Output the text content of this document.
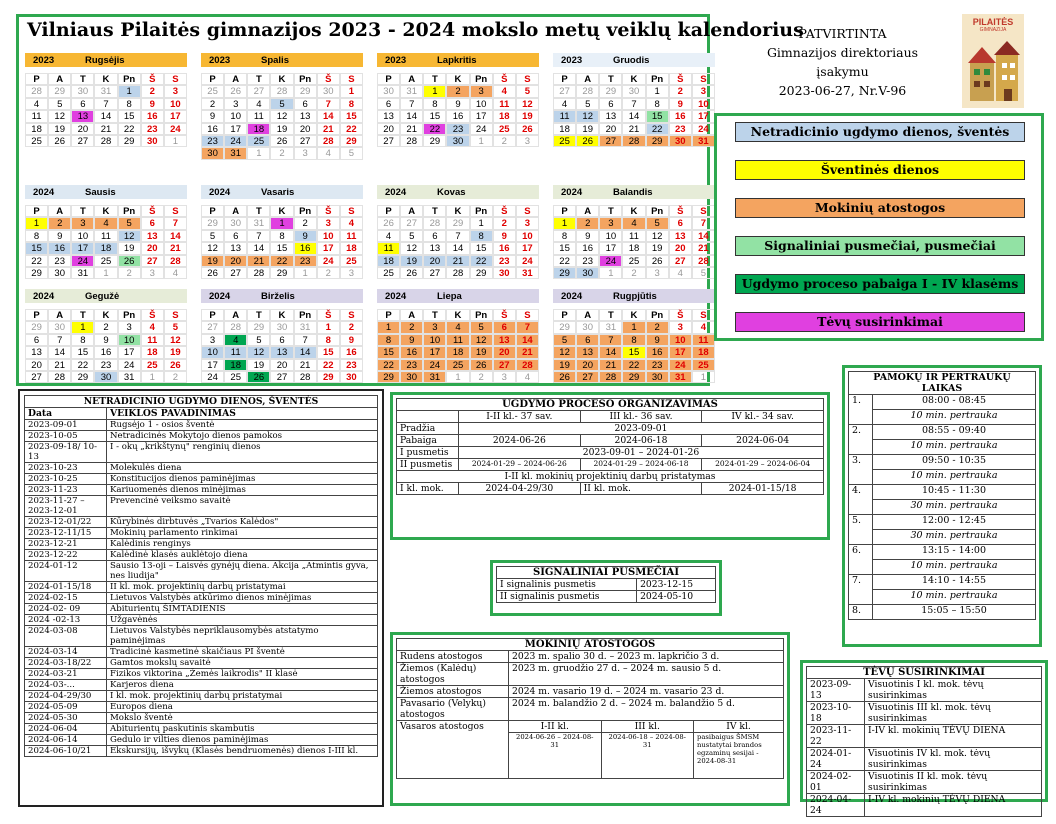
Vilniaus Pilaitės gimnazijos 2023 - 2024 mokslo metų veiklų kalendorius
2023	Rugsėjis
P	A	T	K	Pn	Š	S
28	29	30	31	1	2	3
4	5	6	7	8	9	10
11	12	13	14	15	16	17
18	19	20	21	22	23	24
25	26	27	28	29	30	1
2023	Spalis
P	A	T	K	Pn	Š	S
25	26	27	28	29	30	1
2	3	4	5	6	7	8
9	10	11	12	13	14	15
16	17	18	19	20	21	22
23	24	25	26	27	28	29
30	31	1	2	3	4	5
2023	Lapkritis
P	A	T	K	Pn	Š	S
30	31	1	2	3	4	5
6	7	8	9	10	11	12
13	14	15	16	17	18	19
20	21	22	23	24	25	26
27	28	29	30	1	2	3
2023	Gruodis
P	A	T	K	Pn	Š	S
27	28	29	30	1	2	3
4	5	6	7	8	9	10
11	12	13	14	15	16	17
18	19	20	21	22	23	24
25	26	27	28	29	30	31
2024	Sausis
P	A	T	K	Pn	Š	S
1	2	3	4	5	6	7
8	9	10	11	12	13	14
15	16	17	18	19	20	21
22	23	24	25	26	27	28
29	30	31	1	2	3	4
2024	Vasaris
P	A	T	K	Pn	Š	S
29	30	31	1	2	3	4
5	6	7	8	9	10	11
12	13	14	15	16	17	18
19	20	21	22	23	24	25
26	27	28	29	1	2	3
2024	Kovas
P	A	T	K	Pn	Š	S
26	27	28	29	1	2	3
4	5	6	7	8	9	10
11	12	13	14	15	16	17
18	19	20	21	22	23	24
25	26	27	28	29	30	31
2024	Balandis
P	A	T	K	Pn	Š	S
1	2	3	4	5	6	7
8	9	10	11	12	13	14
15	16	17	18	19	20	21
22	23	24	25	26	27	28
29	30	1	2	3	4	5
2024	Gegužė
P	A	T	K	Pn	Š	S
29	30	1	2	3	4	5
6	7	8	9	10	11	12
13	14	15	16	17	18	19
20	21	22	23	24	25	26
27	28	29	30	31	1	2
2024	Birželis
P	A	T	K	Pn	Š	S
27	28	29	30	31	1	2
3	4	5	6	7	8	9
10	11	12	13	14	15	16
17	18	19	20	21	22	23
24	25	26	27	28	29	30
2024	Liepa
P	A	T	K	Pn	Š	S
1	2	3	4	5	6	7
8	9	10	11	12	13	14
15	16	17	18	19	20	21
22	23	24	25	26	27	28
29	30	31	1	2	3	4
2024	Rugpjūtis
P	A	T	K	Pn	Š	S
29	30	31	1	2	3	4
5	6	7	8	9	10	11
12	13	14	15	16	17	18
19	20	21	22	23	24	25
26	27	28	29	30	31	1
PATVIRTINTA
Gimnazijos direktoriaus įsakymu
2023-06-27, Nr.V-96
PILAITĖS
GIMNAZIJA
Netradicinio ugdymo dienos, šventės
Šventinės dienos
Mokinių atostogos
Signaliniai pusmečiai, pusmečiai
Ugdymo proceso pabaiga I - IV klasėms
Tėvų susirinkimai
NETRADICINIO UGDYMO DIENOS, ŠVENTĖS	
Data	VEIKLOS PAVADINIMAS
2023-09-01	Rugsėjo 1 - osios šventė
2023-10-05	Netradicinės Mokytojo dienos pamokos
2023-09-18/ 10-13	I - okų „krikštynų" renginių dienos
2023-10-23	Molekulės diena
2023-10-25	Konstitucijos dienos paminėjimas
2023-11-23	Kariuomenės dienos minėjimas
2023-11-27 – 2023-12-01	Prevencinė veiksmo savaitė
2023-12-01/22	Kūrybinės dirbtuvės „Tvarios Kalėdos"
2023-12-11/15	Mokinių parlamento rinkimai
2023-12-21	Kalėdinis renginys
2023-12-22	Kalėdinė klasės auklėtojo diena
2024-01-12	Sausio 13-oji – Laisvės gynėjų diena. Akcija „Atmintis gyva, nes liudija"
2024-01-15/18	II kl. mok. projektinių darbų pristatymai
2024-02-15	Lietuvos Valstybės atkūrimo dienos minėjimas
2024-02- 09	Abiturientų ŠIMTADIENIS
2024 -02-13	Užgavėnės
2024-03-08	Lietuvos Valstybės nepriklausomybės atstatymo paminėjimas
2024-03-14	Tradicinė kasmetinė skaičiaus PI šventė
2024-03-18/22	Gamtos mokslų savaitė
2024-03-21	Fizikos viktorina „Žemės laikrodis" II klasė
2024-03-...	Karjeros diena
2024-04-29/30	I kl. mok. projektinių darbų pristatymai
2024-05-09	Europos diena
2024-05-30	Mokslo šventė
2024-06-04	Abiturientų paskutinis skambutis
2024-06-14	Gedulo ir vilties dienos paminėjimas
2024-06-10/21	Ekskursijų, išvykų (Klasės bendruomenės) dienos I-III kl.
UGDYMO PROCESO ORGANIZAVIMAS			
	I-II kl.- 37 sav.	III kl.- 36 sav.	IV kl.- 34 sav.
Pradžia	2023-09-01		
Pabaiga	2024-06-26	2024-06-18	2024-06-04
I pusmetis	2023-09-01 – 2024-01-26		
II pusmetis	2024-01-29 – 2024-06-26	2024-01-29 – 2024-06-18	2024-01-29 – 2024-06-04
I-II kl. mokinių projektinių darbų pristatymas			
I kl. mok.	2024-04-29/30	II kl. mok.	2024-01-15/18
SIGNALINIAI PUSMEČIAI	
I signalinis pusmetis	2023-12-15
II signalinis pusmetis	2024-05-10
MOKINIŲ ATOSTOGOS			
Rudens atostogos	2023 m. spalio 30 d. – 2023 m. lapkričio 3 d.		
Žiemos (Kalėdų) atostogos	2023 m. gruodžio 27 d. – 2024 m. sausio 5 d.		
Žiemos atostogos	2024 m. vasario 19 d. – 2024 m. vasario 23 d.		
Pavasario (Velykų) atostogos	2024 m. balandžio 2 d. – 2024 m. balandžio 5 d.		
Vasaros atostogos	I-II kl.	III kl.	IV kl.
	2024-06-26 – 2024-08-31	2024-06-18 – 2024-08-31	pasibaigus ŠMSM nustatytai brandos egzaminų sesijai - 2024-08-31
PAMOKŲ IR PERTRAUKŲ LAIKAS	
1.	08:00 - 08:45
	10 min. pertrauka
2.	08:55 - 09:40
	10 min. pertrauka
3.	09:50 - 10:35
	10 min. pertrauka
4.	10:45 - 11:30
	30 min. pertrauka
5.	12:00 - 12:45
	30 min. pertrauka
6.	13:15 - 14:00
	10 min. pertrauka
7.	14:10 - 14:55
	10 min. pertrauka
8.	15:05 – 15:50
TĖVŲ SUSIRINKIMAI	
2023-09-13	Visuotinis I kl. mok. tėvų susirinkimas
2023-10-18	Visuotinis III kl. mok. tėvų susirinkimas
2023-11-22	I-IV kl. mokinių TĖVŲ DIENA
2024-01-24	Visuotinis IV kl. mok. tėvų susirinkimas
2024-02-01	Visuotinis II kl. mok. tėvų susirinkimas
2024-04-24	I-IV kl. mokinių TĖVŲ DIENA
